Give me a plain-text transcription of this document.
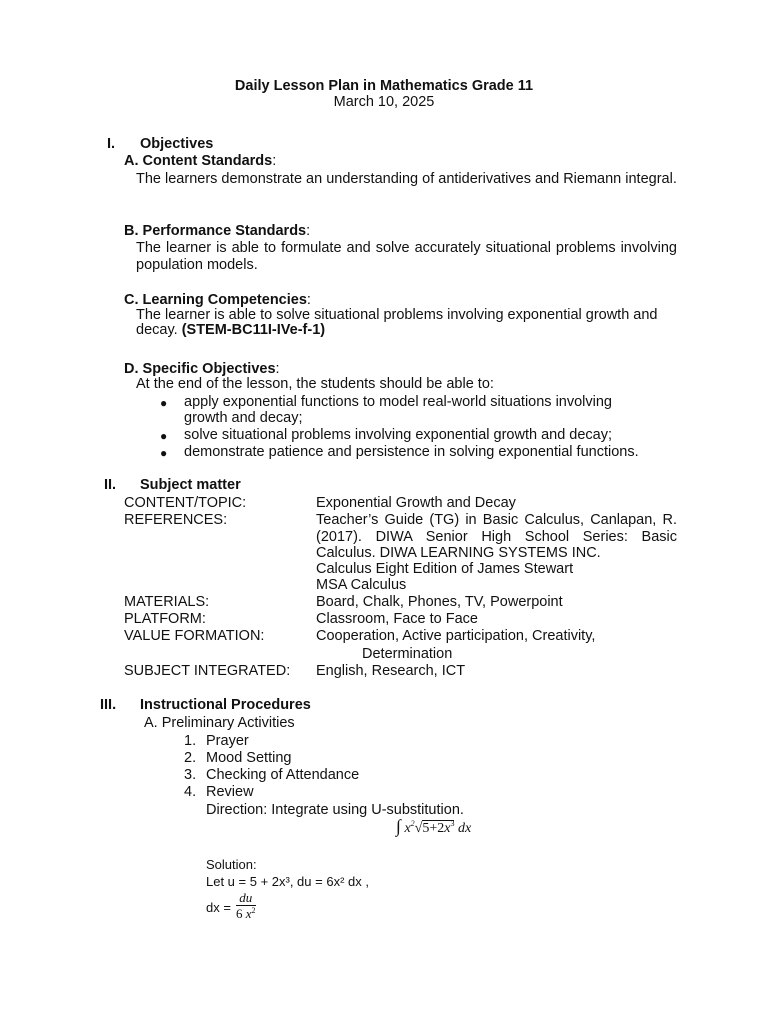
Daily Lesson Plan in Mathematics Grade 11
March 10, 2025
I. Objectives
A. Content Standards:
The learners demonstrate an understanding of antiderivatives and Riemann integral.
B. Performance Standards:
The learner is able to formulate and solve accurately situational problems involving population models.
C. Learning Competencies:
The learner is able to solve situational problems involving exponential growth and
decay. (STEM-BC11I-IVe-f-1)
D. Specific Objectives:
At the end of the lesson, the students should be able to:
● apply exponential functions to model real-world situations involving
growth and decay;
● solve situational problems involving exponential growth and decay;
● demonstrate patience and persistence in solving exponential functions.
II. Subject matter
CONTENT/TOPIC:	Exponential Growth and Decay
REFERENCES:	Teacher’s Guide (TG) in Basic Calculus, Canlapan, R.
(2017). DIWA Senior High School Series: Basic
Calculus. DIWA LEARNING SYSTEMS INC.
Calculus Eight Edition of James Stewart
MSA Calculus
MATERIALS:	Board, Chalk, Phones, TV, Powerpoint
PLATFORM:	Classroom, Face to Face
VALUE FORMATION:	Cooperation, Active participation, Creativity,
Determination
SUBJECT INTEGRATED: English, Research, ICT
III. Instructional Procedures
A. Preliminary Activities
1. Prayer
2. Mood Setting
3. Checking of Attendance
4. Review
Direction: Integrate using U-substitution.
∫ $x^2√5+2x^3$ dx
Solution:
Let u = 5 + 2x³, du = 6x² dx ,
dx = $\frac{du}{6 x^2}$
